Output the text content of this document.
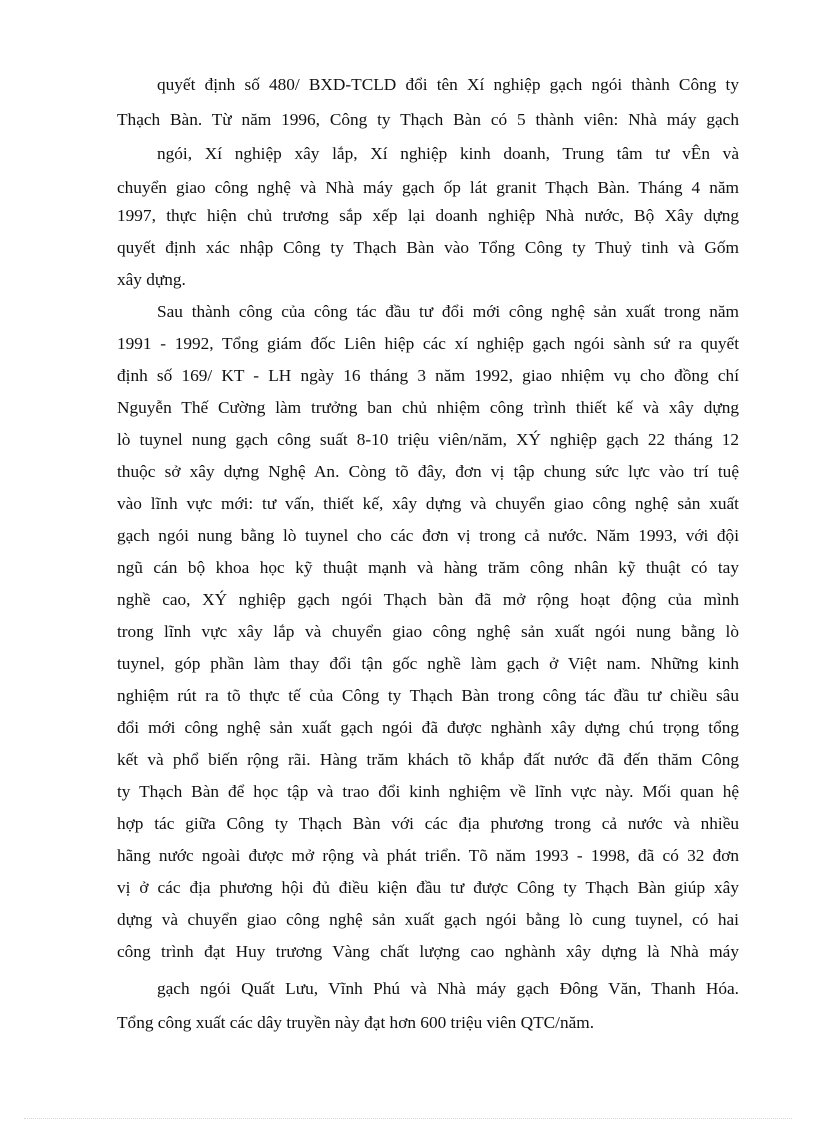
quyết định số 480/ BXD-TCLD đổi tên Xí nghiệp gạch ngói thành Công ty
Thạch Bàn. Từ năm 1996, Công ty Thạch Bàn có 5 thành viên: Nhà máy gạch
ngói, Xí nghiệp xây lắp, Xí nghiệp kinh doanh, Trung tâm tư vÊn và
chuyển giao công nghệ và Nhà máy gạch ốp lát granit Thạch Bàn. Tháng 4 năm
1997, thực hiện chủ trương sắp xếp lại doanh nghiệp Nhà nước, Bộ Xây dựng
quyết định xác nhập Công ty Thạch Bàn vào Tổng Công ty Thuỷ tinh và Gốm
xây dựng.
Sau thành công của công tác đầu tư đổi mới công nghệ sản xuất trong năm
1991 - 1992, Tổng giám đốc Liên hiệp các xí nghiệp gạch ngói sành sứ ra quyết
định số 169/ KT - LH ngày 16 tháng 3 năm 1992, giao nhiệm vụ cho đồng chí
Nguyễn Thế Cường làm trưởng ban chủ nhiệm công trình thiết kế và xây dựng
lò tuynel nung gạch công suất 8-10 triệu viên/năm, XÝ nghiệp gạch 22 tháng 12
thuộc sở xây dựng Nghệ An. Còng tõ đây, đơn vị tập chung sức lực vào trí tuệ
vào lĩnh vực mới: tư vấn, thiết kế, xây dựng và chuyển giao công nghệ sản xuất
gạch ngói nung bằng lò tuynel cho các đơn vị trong cả nước. Năm 1993, với đội
ngũ cán bộ khoa học kỹ thuật mạnh và hàng trăm công nhân kỹ thuật có tay
nghề cao, XÝ nghiệp gạch ngói Thạch bàn đã mở rộng hoạt động của mình
trong lĩnh vực xây lắp và chuyển giao công nghệ sản xuất ngói nung bằng lò
tuynel, góp phần làm thay đổi tận gốc nghề làm gạch ở Việt nam. Những kinh
nghiệm rút ra tõ thực tế của Công ty Thạch Bàn trong công tác đầu tư chiều sâu
đổi mới công nghệ sản xuất gạch ngói đã được nghành xây dựng chú trọng tổng
kết và phổ biến rộng rãi. Hàng trăm khách tõ khắp đất nước đã đến thăm Công
ty Thạch Bàn để học tập và trao đổi kinh nghiệm về lĩnh vực này. Mối quan hệ
hợp tác giữa Công ty Thạch Bàn với các địa phương trong cả nước và nhiều
hãng nước ngoài được mở rộng và phát triển. Tõ năm 1993 - 1998, đã có 32 đơn
vị ở các địa phương hội đủ điều kiện đầu tư được Công ty Thạch Bàn giúp xây
dựng và chuyển giao công nghệ sản xuất gạch ngói bằng lò cung tuynel, có hai
công trình đạt Huy trương Vàng chất lượng cao nghành xây dựng là Nhà máy
gạch ngói Quất Lưu, Vĩnh Phú và Nhà máy gạch Đông Văn, Thanh Hóa.
Tổng công xuất các dây truyền này đạt hơn 600 triệu viên QTC/năm.
